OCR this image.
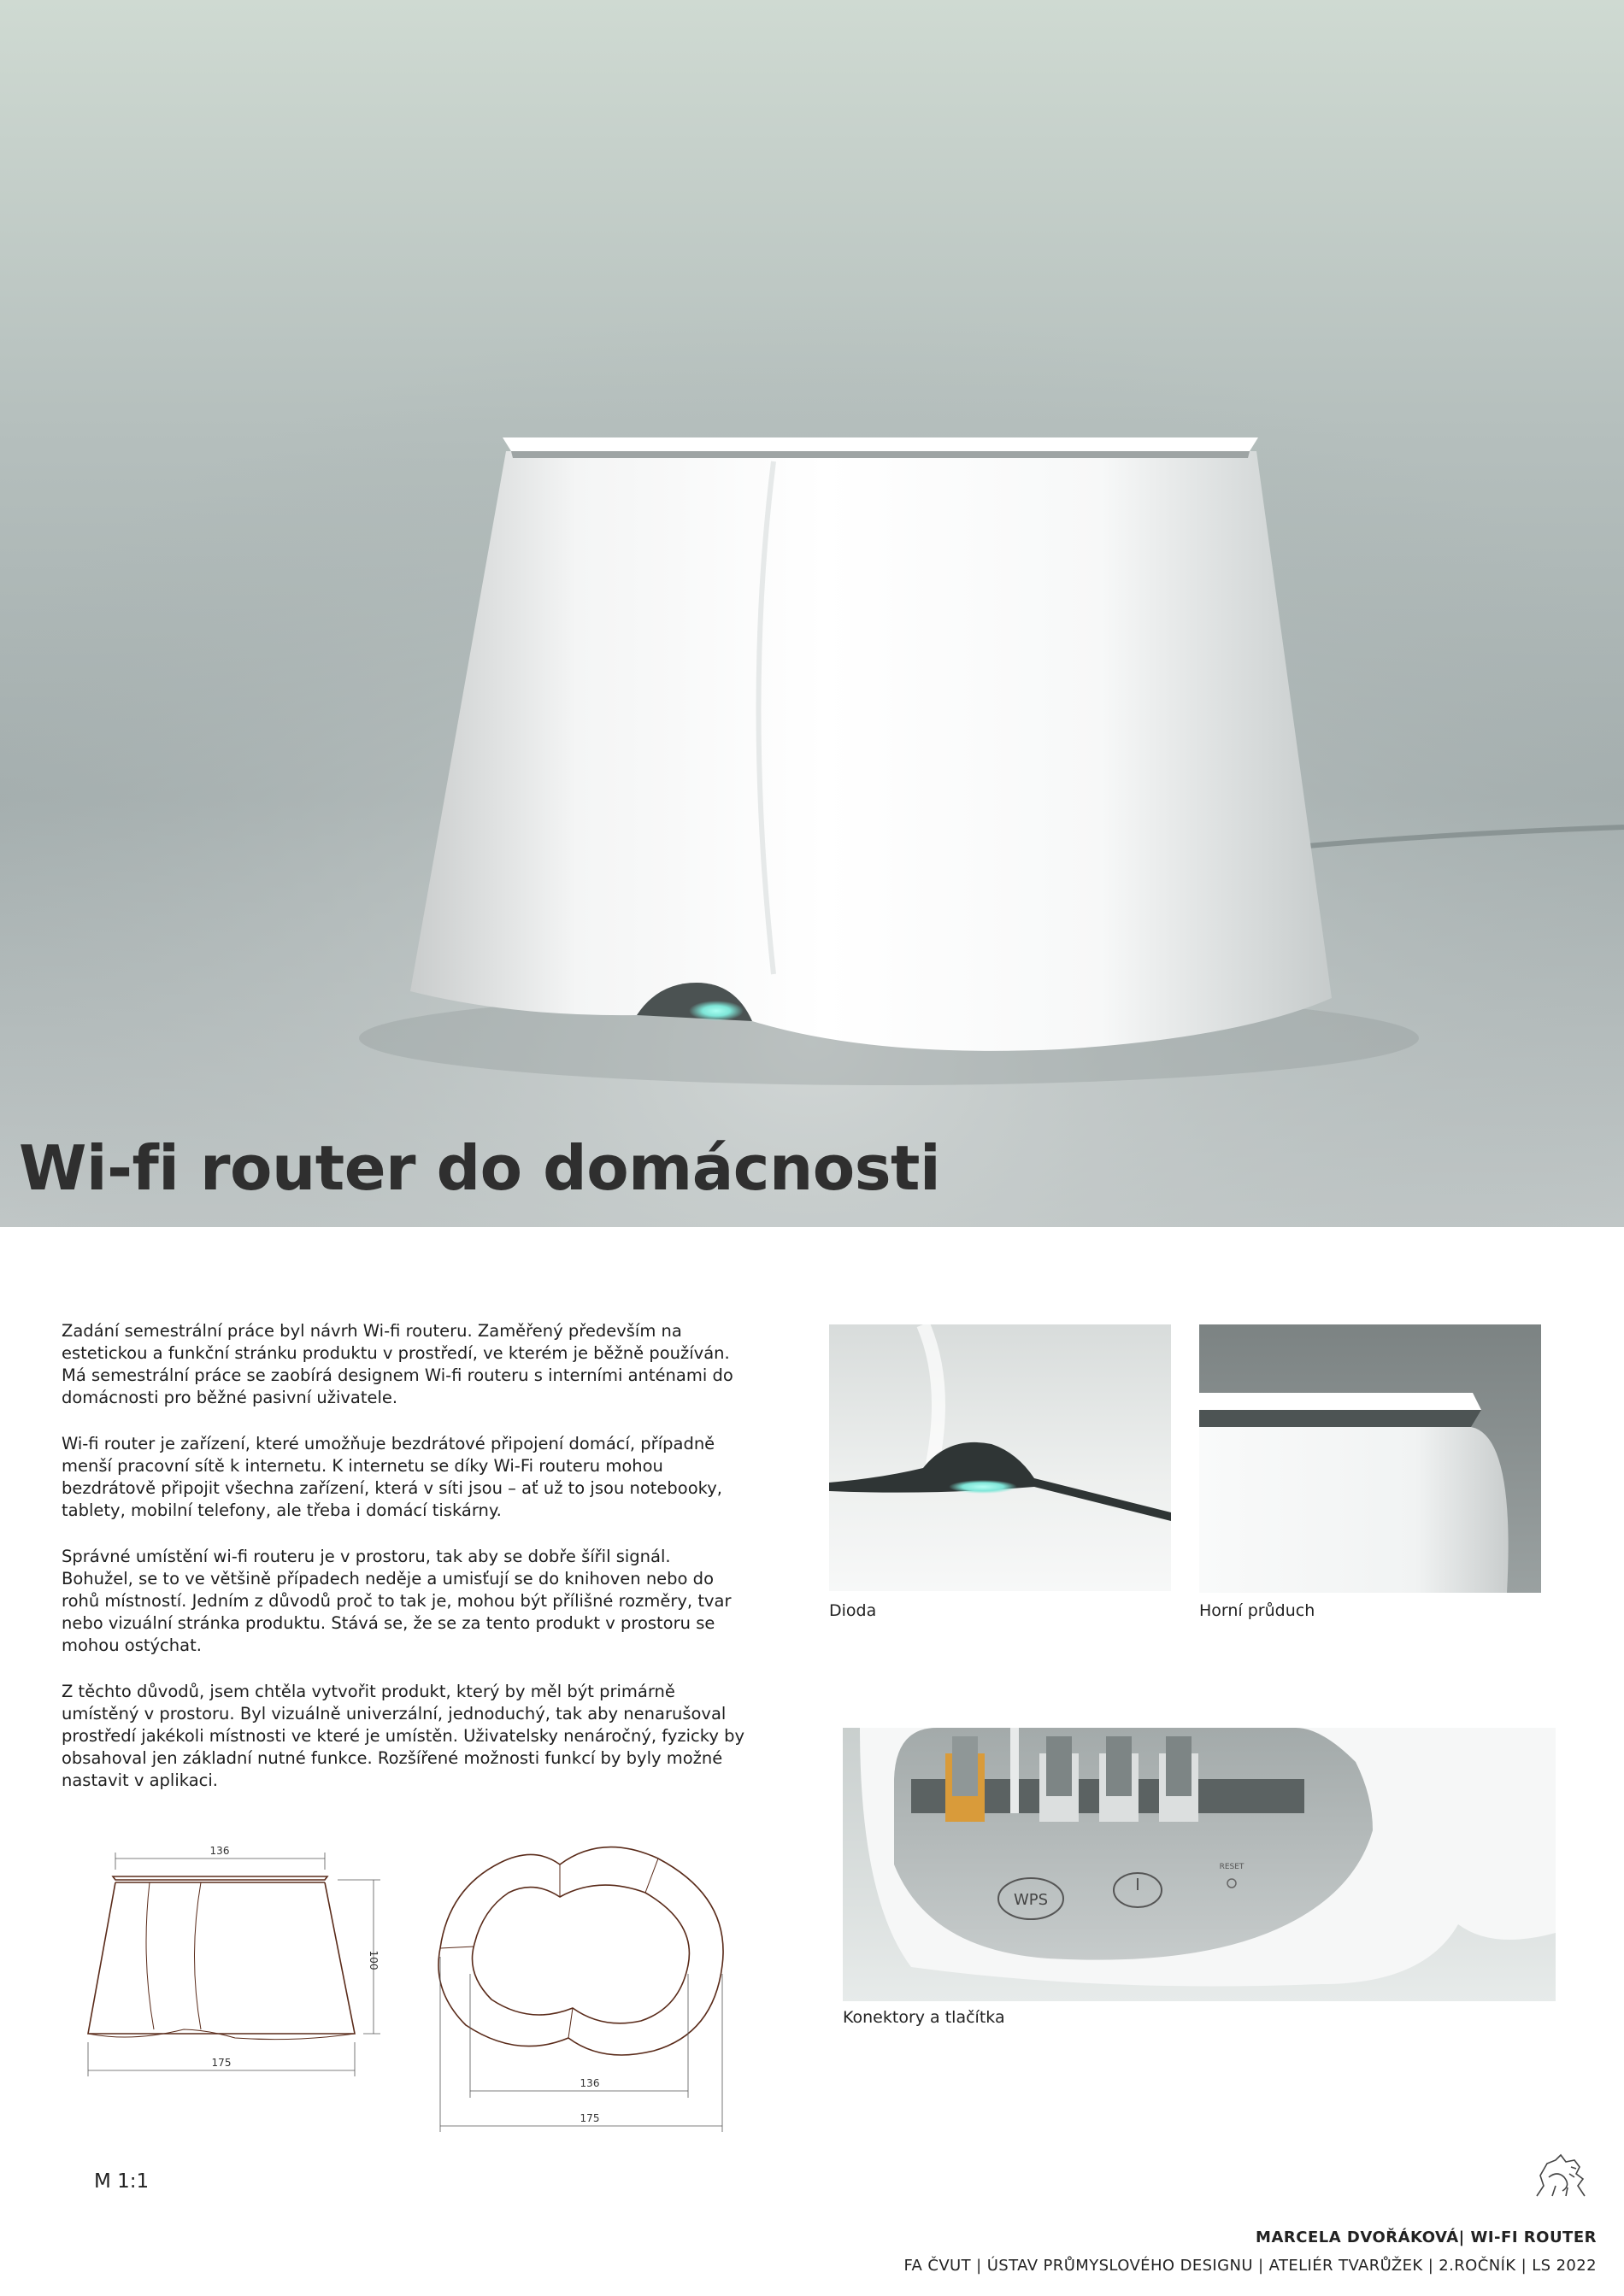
Wi-fi router do domácnosti

Zadání semestrální práce byl návrh Wi-fi routeru. Zaměřený především na estetickou a funkční stránku produktu v prostředí, ve kterém je běžně používán. Má semestrální práce se zaobírá designem Wi-fi routeru s interními anténami do domácnosti pro běžné pasivní uživatele.

Wi-fi router je zařízení, které umožňuje bezdrátové připojení domácí, případně menší pracovní sítě k internetu. K internetu se díky Wi-Fi routeru mohou bezdrátově připojit všechna zařízení, která v síti jsou – ať už to jsou notebooky, tablety, mobilní telefony, ale třeba i domácí tiskárny.

Správné umístění wi-fi routeru je v prostoru, tak aby se dobře šířil signál. Bohužel, se to ve většině případech neděje a umisťují se do knihoven nebo do rohů místností. Jedním z důvodů proč to tak je, mohou být přílišné rozměry, tvar nebo vizuální stránka produktu. Stává se, že se za tento produkt v prostoru se mohou ostýchat.

Z těchto důvodů, jsem chtěla vytvořit produkt, který by měl být primárně umístěný v prostoru. Byl vizuálně univerzální, jednoduchý, tak aby nenarušoval prostředí jakékoli místnosti ve které je umístěn. Uživatelsky nenáročný, fyzicky by obsahoval jen základní nutné funkce. Rozšířené možnosti funkcí by byly možné nastavit v aplikaci.

Dioda	Horní průduch
WPS
RESET
Konektory a tlačítka
136
100
175
136
175
M 1:1
MARCELA DVOŘÁKOVÁ| WI-FI ROUTER
FA ČVUT | ÚSTAV PRŮMYSLOVÉHO DESIGNU | ATELIÉR TVARŮŽEK | 2.ROČNÍK | LS 2022
